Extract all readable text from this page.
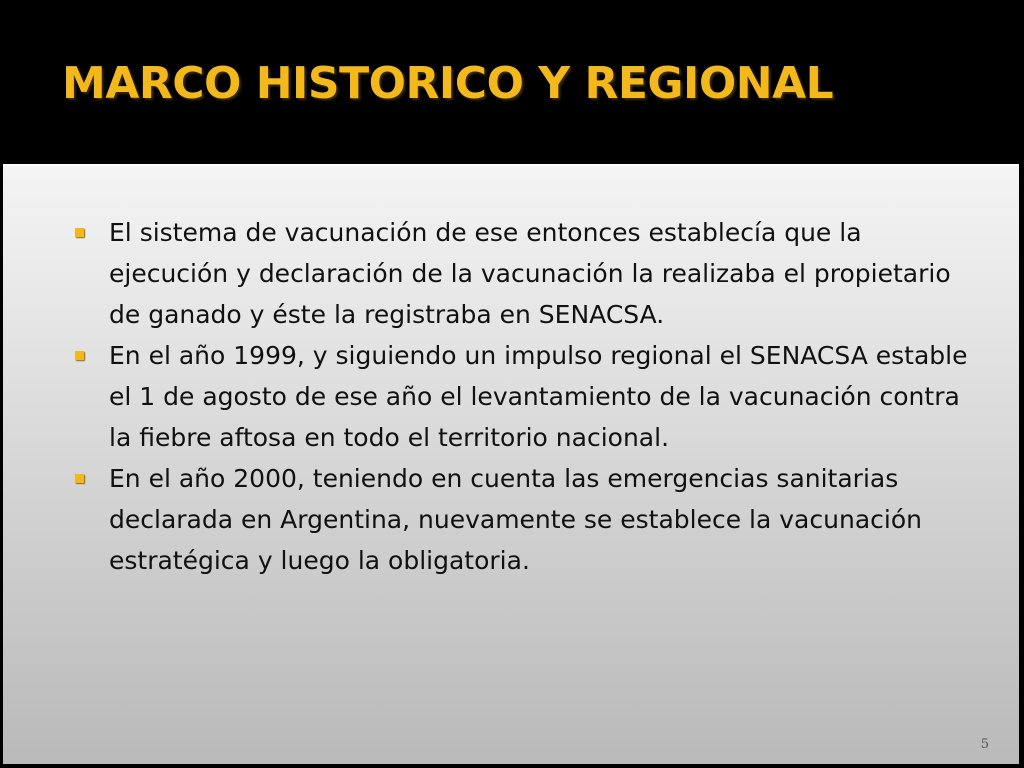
MARCO HISTORICO Y REGIONAL
El sistema de vacunación de ese entonces establecía que la ejecución y declaración de la vacunación la realizaba el propietario de ganado y éste la registraba en SENACSA.
En el año 1999, y siguiendo un impulso regional el SENACSA estable el 1 de agosto de ese año el levantamiento de la vacunación contra la fiebre aftosa en todo el territorio nacional.
En el año 2000, teniendo en cuenta las emergencias sanitarias declarada en Argentina, nuevamente se establece la vacunación estratégica y luego la obligatoria.
5
